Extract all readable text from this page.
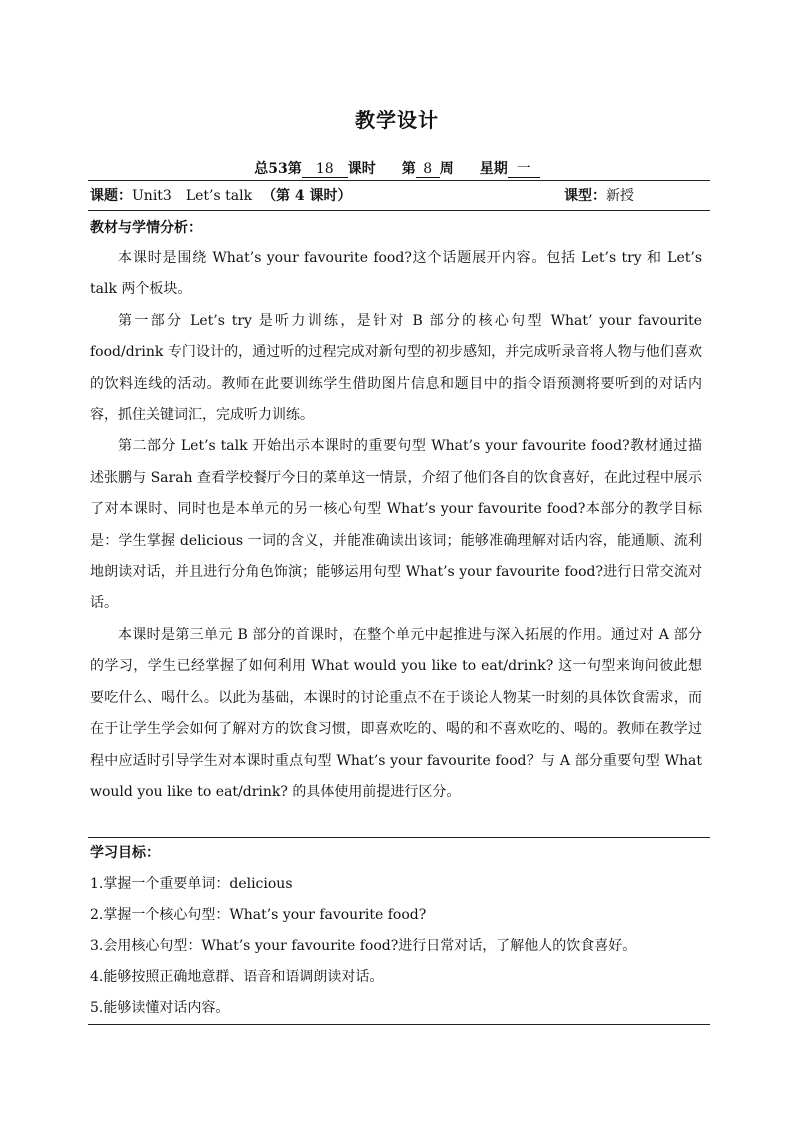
教学设计
总53第 18 课时 第 8 周 星期 一
课题：Unit3　Let’s talk （第 4 课时）	课型：新授
教材与学情分析：

本课时是围绕 What’s your favourite food?这个话题展开内容。包括 Let’s try 和 Let’s talk 两个板块。

第一部分 Let’s try 是听力训练，是针对 B 部分的核心句型 What’ your favourite food/drink 专门设计的，通过听的过程完成对新句型的初步感知，并完成听录音将人物与他们喜欢的饮料连线的活动。教师在此要训练学生借助图片信息和题目中的指令语预测将要听到的对话内容，抓住关键词汇，完成听力训练。

第二部分 Let’s talk 开始出示本课时的重要句型 What’s your favourite food?教材通过描述张鹏与 Sarah 查看学校餐厅今日的菜单这一情景，介绍了他们各自的饮食喜好，在此过程中展示了对本课时、同时也是本单元的另一核心句型 What’s your favourite food?本部分的教学目标是：学生掌握 delicious 一词的含义，并能准确读出该词；能够准确理解对话内容，能通顺、流利地朗读对话，并且进行分角色饰演；能够运用句型 What’s your favourite food?进行日常交流对话。

本课时是第三单元 B 部分的首课时，在整个单元中起推进与深入拓展的作用。通过对 A 部分的学习，学生已经掌握了如何利用 What would you like to eat/drink? 这一句型来询问彼此想要吃什么、喝什么。以此为基础，本课时的讨论重点不在于谈论人物某一时刻的具体饮食需求，而在于让学生学会如何了解对方的饮食习惯，即喜欢吃的、喝的和不喜欢吃的、喝的。教师在教学过程中应适时引导学生对本课时重点句型 What’s your favourite food？与 A 部分重要句型 What would you like to eat/drink? 的具体使用前提进行区分。

学习目标：

1.掌握一个重要单词：delicious

2.掌握一个核心句型：What’s your favourite food?

3.会用核心句型：What’s your favourite food?进行日常对话，了解他人的饮食喜好。

4.能够按照正确地意群、语音和语调朗读对话。

5.能够读懂对话内容。
